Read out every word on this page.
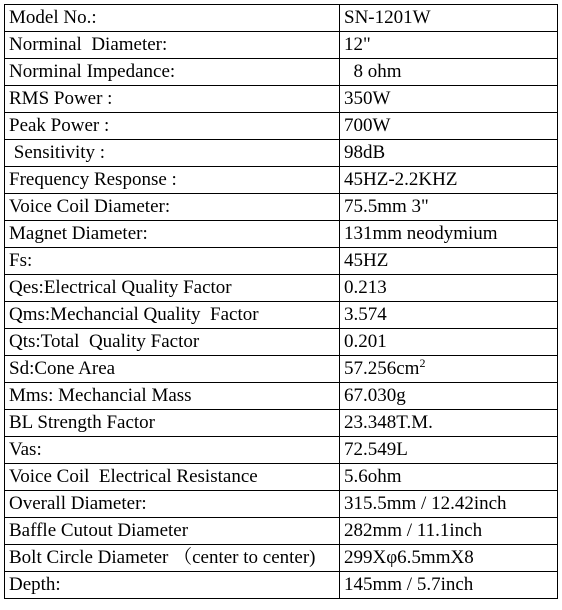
Model No.:	SN-1201W
Norminal  Diameter:	12"
Norminal Impedance:	8 ohm
RMS Power :	350W
Peak Power :	700W
Sensitivity :	98dB
Frequency Response :	45HZ-2.2KHZ
Voice Coil Diameter:	75.5mm 3"
Magnet Diameter:	131mm neodymium
Fs:	45HZ
Qes:Electrical Quality Factor	0.213
Qms:Mechancial Quality  Factor	3.574
Qts:Total  Quality Factor	0.201
Sd:Cone Area	$57.256cm^2$
Mms: Mechancial Mass	67.030g
BL Strength Factor	23.348T.M.
Vas:	72.549L
Voice Coil  Electrical Resistance	5.6ohm
Overall Diameter:	315.5mm / 12.42inch
Baffle Cutout Diameter	282mm / 11.1inch
Bolt Circle Diameter （center to center)	299Xφ6.5mmX8
Depth:	145mm / 5.7inch
